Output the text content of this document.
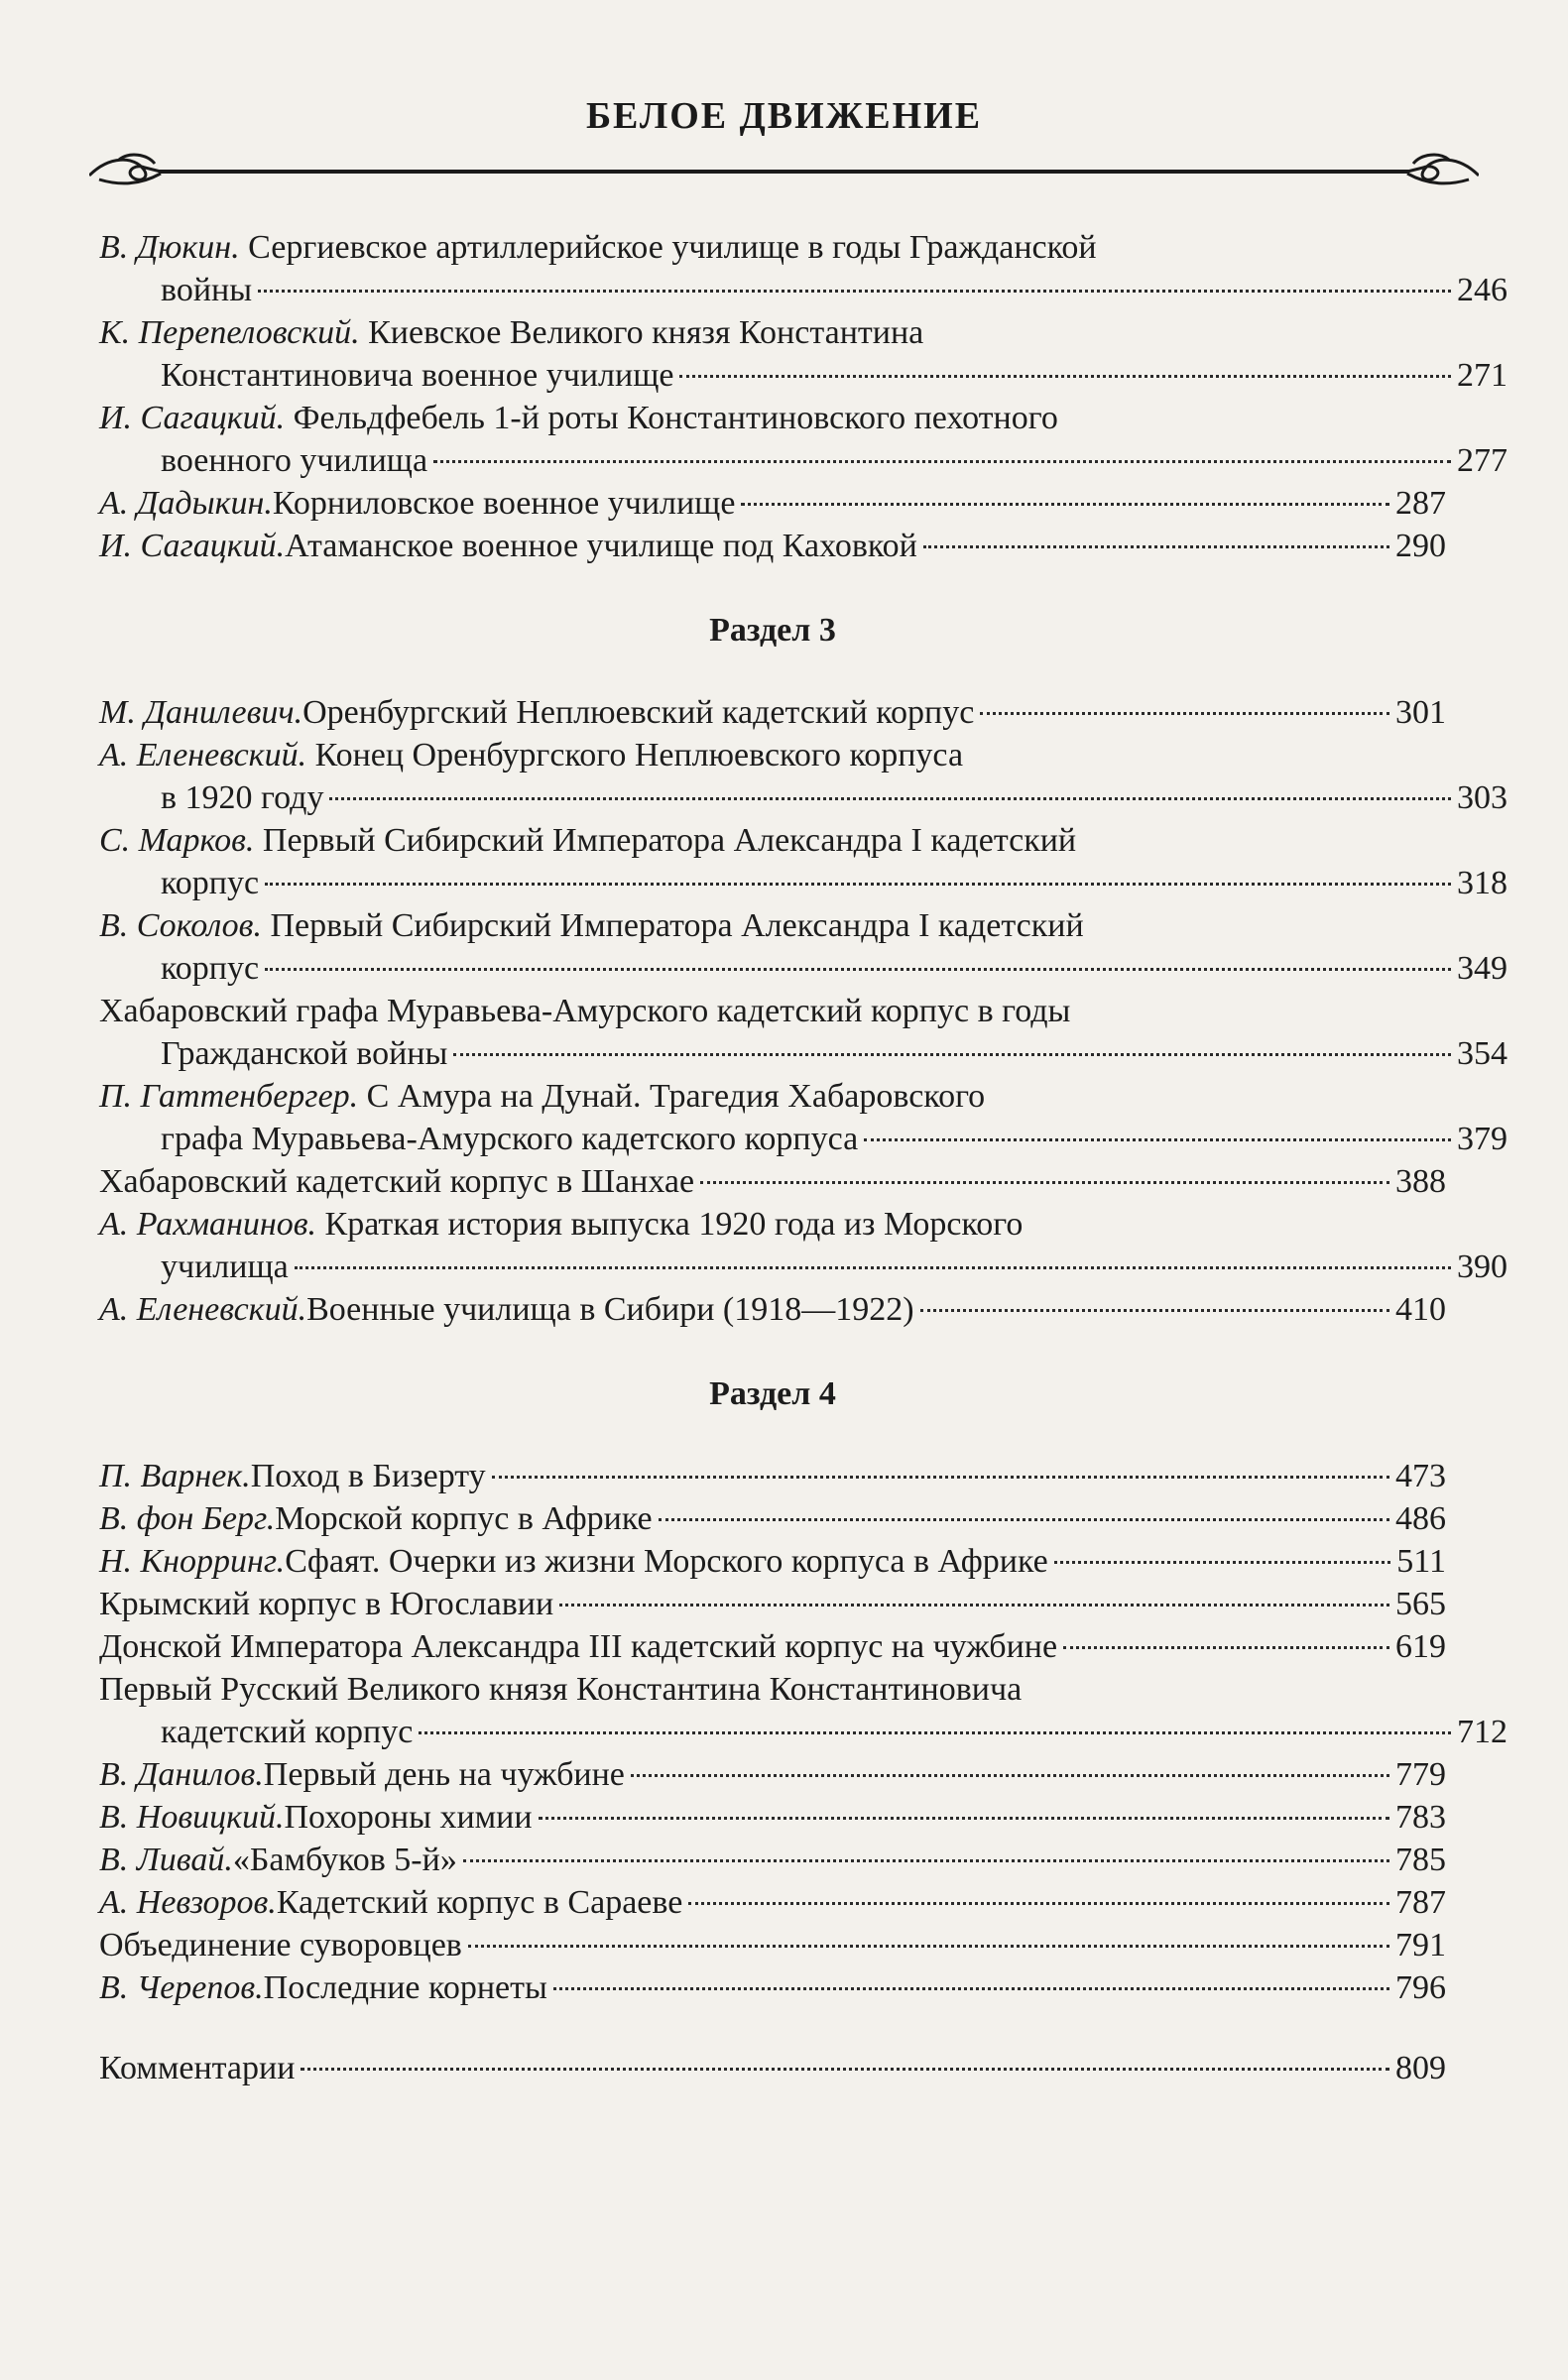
БЕЛОЕ ДВИЖЕНИЕ
В. Дюкин. Сергиевское артиллерийское училище в годы Гражданской
войны	246
К. Перепеловский. Киевское Великого князя Константина
Константиновича военное училище	271
И. Сагацкий. Фельдфебель 1-й роты Константиновского пехотного
военного училища	277
А. Дадыкин. Корниловское военное училище	287
И. Сагацкий. Атаманское военное училище под Каховкой	290
Раздел 3
М. Данилевич. Оренбургский Неплюевский кадетский корпус	301
А. Еленевский. Конец Оренбургского Неплюевского корпуса
в 1920 году	303
С. Марков. Первый Сибирский Императора Александра I кадетский
корпус	318
В. Соколов. Первый Сибирский Императора Александра I кадетский
корпус	349
Хабаровский графа Муравьева-Амурского кадетский корпус в годы
Гражданской войны	354
П. Гаттенбергер. С Амура на Дунай. Трагедия Хабаровского
графа Муравьева-Амурского кадетского корпуса	379
Хабаровский кадетский корпус в Шанхае	388
А. Рахманинов. Краткая история выпуска 1920 года из Морского
училища	390
А. Еленевский. Военные училища в Сибири (1918—1922)	410
Раздел 4
П. Варнек. Поход в Бизерту	473
В. фон Берг. Морской корпус в Африке	486
Н. Кнорринг. Сфаят. Очерки из жизни Морского корпуса в Африке	511
Крымский корпус в Югославии	565
Донской Императора Александра III кадетский корпус на чужбине	619
Первый Русский Великого князя Константина Константиновича
кадетский корпус	712
В. Данилов. Первый день на чужбине	779
В. Новицкий. Похороны химии	783
В. Ливай. «Бамбуков 5-й»	785
А. Невзоров. Кадетский корпус в Сараеве	787
Объединение суворовцев	791
В. Черепов. Последние корнеты	796
Комментарии	809
